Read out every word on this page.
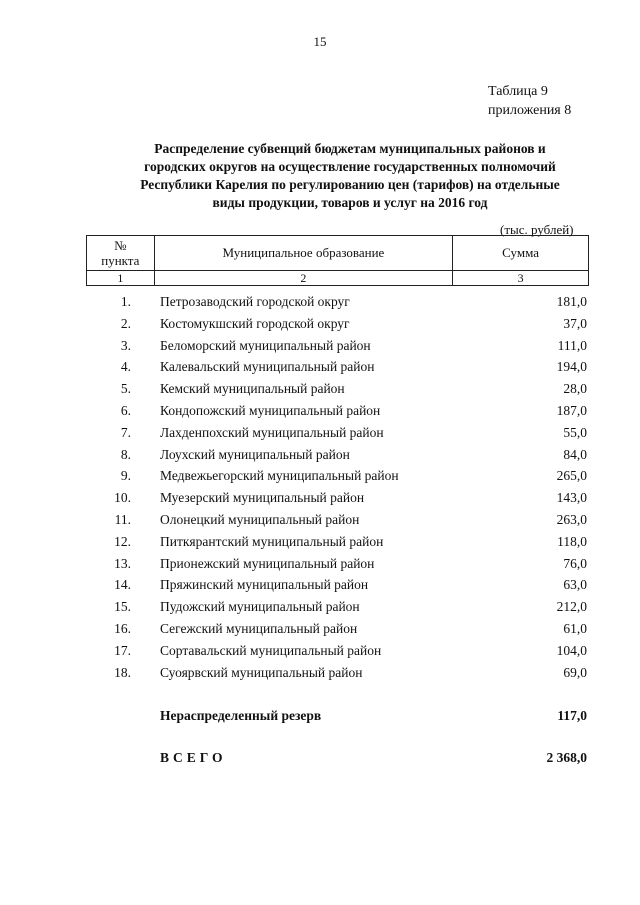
15
Таблица 9
приложения 8
Распределение субвенций бюджетам муниципальных районов и
городских округов на осуществление государственных полномочий
Республики Карелия по регулированию цен (тарифов) на отдельные
виды продукции, товаров и услуг на 2016 год
(тыс. рублей)
№
пункта	Муниципальное образование	Сумма
1	2	3
1. Петрозаводский городской округ	181,0
2. Костомукшский городской округ	37,0
3. Беломорский муниципальный район	111,0
4. Калевальский муниципальный район	194,0
5. Кемский муниципальный район	28,0
6. Кондопожский муниципальный район	187,0
7. Лахденпохский муниципальный район	55,0
8. Лоухский муниципальный район	84,0
9. Медвежьегорский муниципальный район	265,0
10. Муезерский муниципальный район	143,0
11. Олонецкий муниципальный район	263,0
12. Питкярантский муниципальный район	118,0
13. Прионежский муниципальный район	76,0
14. Пряжинский муниципальный район	63,0
15. Пудожский муниципальный район	212,0
16. Сегежский муниципальный район	61,0
17. Сортавальский муниципальный район	104,0
18. Суоярвский муниципальный район	69,0
Нераспределенный резерв	117,0
ВСЕГО	2 368,0
